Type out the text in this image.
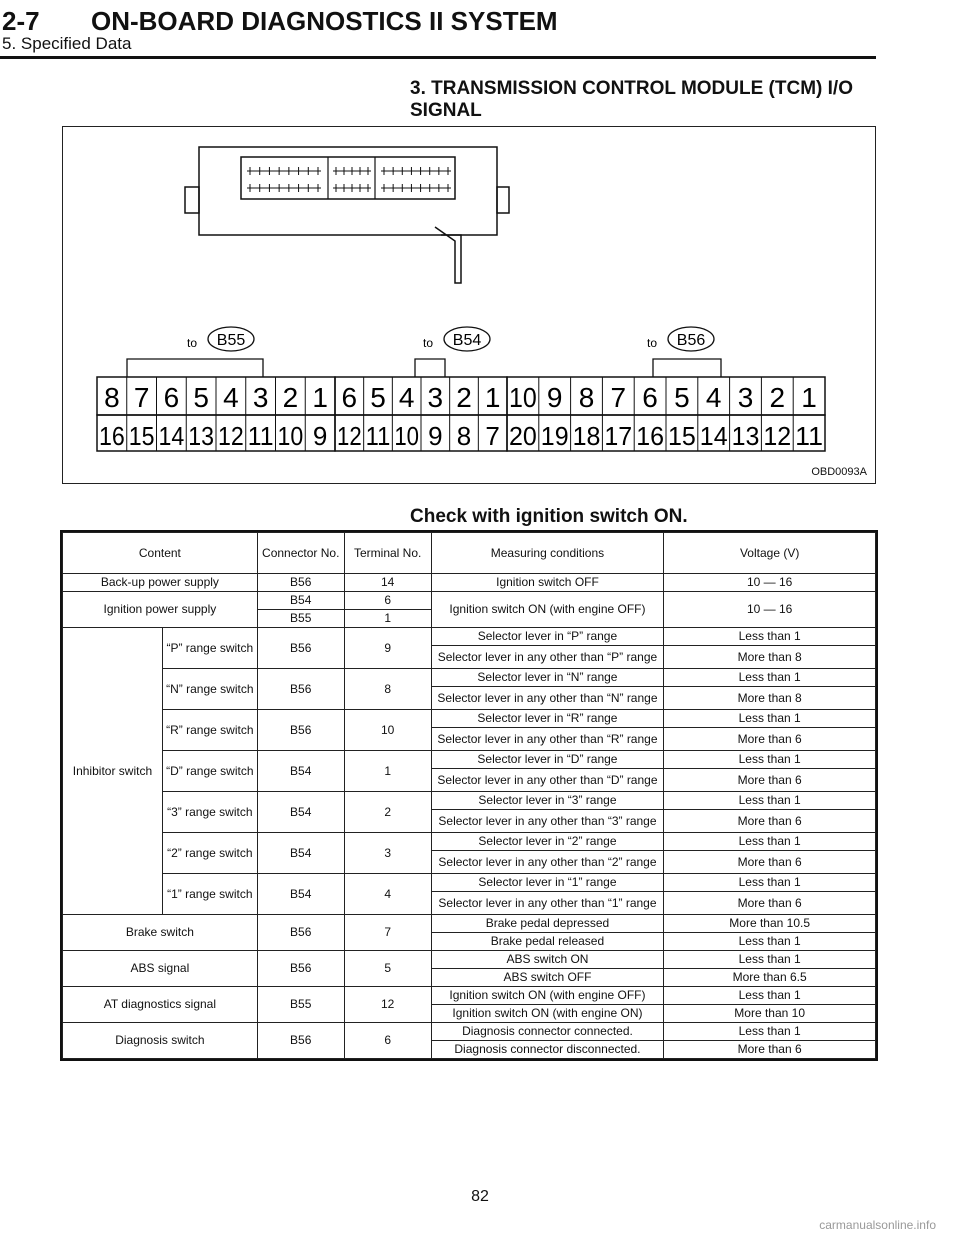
2-7 ON-BOARD DIAGNOSTICS II SYSTEM
5. Specified Data
3. TRANSMISSION CONTROL MODULE (TCM) I/O SIGNAL
to B55
8
16
7
15
6
14
5
13
4
12
3
11
2
10
1
9
to B54
6
12
5
11
4
10
3
9
2
8
1
7
to B56
10
20
9
19
8
18
7
17
6
16
5
15
4
14
3
13
2
12
1
11
OBD0093A
Check with ignition switch ON.
Content		Connector No.	Terminal No.	Measuring conditions	Voltage (V)
Back-up power supply		B56	14	Ignition switch OFF	10 — 16
Ignition power supply		B54	6	Ignition switch ON (with engine OFF)	10 — 16
		B55	1		
Inhibitor switch	“P” range switch	B56	9	Selector lever in “P” range	Less than 1
				Selector lever in any other than “P” range	More than 8
	“N” range switch	B56	8	Selector lever in “N” range	Less than 1
				Selector lever in any other than “N” range	More than 8
	“R” range switch	B56	10	Selector lever in “R” range	Less than 1
				Selector lever in any other than “R” range	More than 6
	“D” range switch	B54	1	Selector lever in “D” range	Less than 1
				Selector lever in any other than “D” range	More than 6
	“3” range switch	B54	2	Selector lever in “3” range	Less than 1
				Selector lever in any other than “3” range	More than 6
	“2” range switch	B54	3	Selector lever in “2” range	Less than 1
				Selector lever in any other than “2” range	More than 6
	“1” range switch	B54	4	Selector lever in “1” range	Less than 1
				Selector lever in any other than “1” range	More than 6
Brake switch		B56	7	Brake pedal depressed	More than 10.5
				Brake pedal released	Less than 1
ABS signal		B56	5	ABS switch ON	Less than 1
				ABS switch OFF	More than 6.5
AT diagnostics signal		B55	12	Ignition switch ON (with engine OFF)	Less than 1
				Ignition switch ON (with engine ON)	More than 10
Diagnosis switch		B56	6	Diagnosis connector connected.	Less than 1
				Diagnosis connector disconnected.	More than 6
82
carmanualsonline.info
